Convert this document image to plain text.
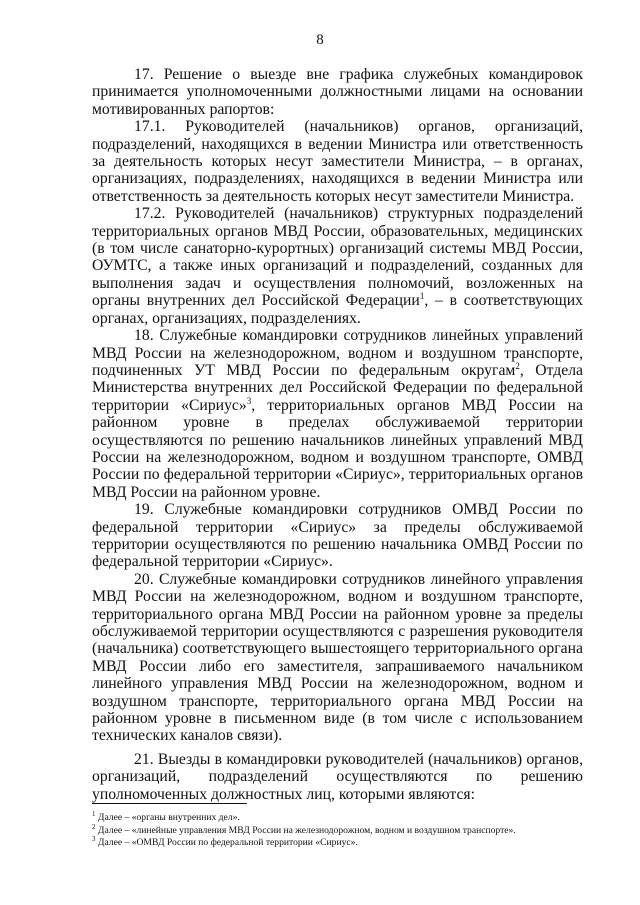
8

17. Решение о выезде вне графика служебных командировок принимается уполномоченными должностными лицами на основании мотивированных рапортов:

17.1. Руководителей (начальников) органов, организаций, подразделений, находящихся в ведении Министра или ответственность за деятельность которых несут заместители Министра, – в органах, организациях, подразделениях, находящихся в ведении Министра или ответственность за деятельность которых несут заместители Министра.

17.2. Руководителей (начальников) структурных подразделений территориальных органов МВД России, образовательных, медицинских (в том числе санаторно-курортных) организаций системы МВД России, ОУМТС, а также иных организаций и подразделений, созданных для выполнения задач и осуществления полномочий, возложенных на органы внутренних дел Российской Федерации$^1$, – в соответствующих органах, организациях, подразделениях.

18. Служебные командировки сотрудников линейных управлений МВД России на железнодорожном, водном и воздушном транспорте, подчиненных УТ МВД России по федеральным округам$^2$, Отдела Министерства внутренних дел Российской Федерации по федеральной территории «Сириус»$^3$, территориальных органов МВД России на районном уровне в пределах обслуживаемой территории осуществляются по решению начальников линейных управлений МВД России на железнодорожном, водном и воздушном транспорте, ОМВД России по федеральной территории «Сириус», территориальных органов МВД России на районном уровне.

19. Служебные командировки сотрудников ОМВД России по федеральной территории «Сириус» за пределы обслуживаемой территории осуществляются по решению начальника ОМВД России по федеральной территории «Сириус».

20. Служебные командировки сотрудников линейного управления МВД России на железнодорожном, водном и воздушном транспорте, территориального органа МВД России на районном уровне за пределы обслуживаемой территории осуществляются с разрешения руководителя (начальника) соответствующего вышестоящего территориального органа МВД России либо его заместителя, запрашиваемого начальником линейного управления МВД России на железнодорожном, водном и воздушном транспорте, территориального органа МВД России на районном уровне в письменном виде (в том числе с использованием технических каналов связи).

21. Выезды в командировки руководителей (начальников) органов, организаций, подразделений осуществляются по решению уполномоченных должностных лиц, которыми являются:

$^1$ Далее – «органы внутренних дел».
$^2$ Далее – «линейные управления МВД России на железнодорожном, водном и воздушном транспорте».
$^3$ Далее – «ОМВД России по федеральной территории «Сириус».
